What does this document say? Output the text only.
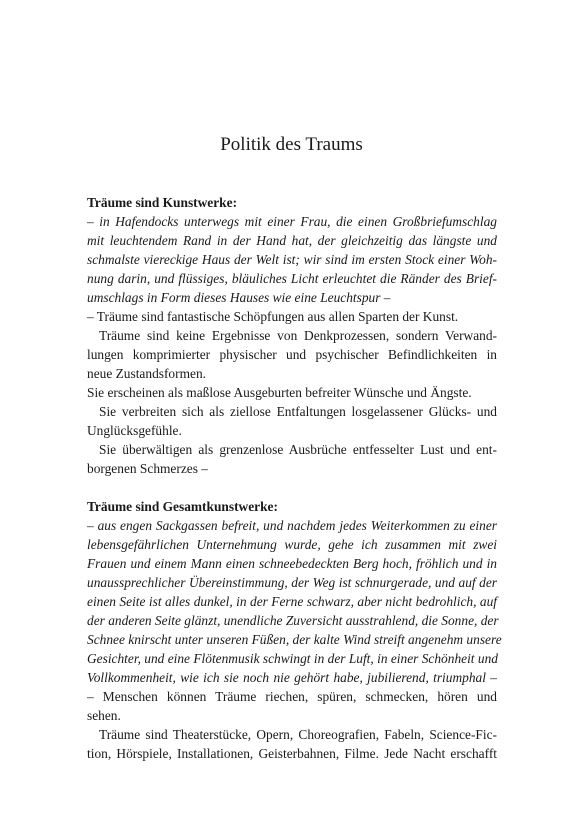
Politik des Traums
Träume sind Kunstwerke:
– in Hafendocks unterwegs mit einer Frau, die einen Großbriefumschlag
mit leuchtendem Rand in der Hand hat, der gleichzeitig das längste und
schmalste viereckige Haus der Welt ist; wir sind im ersten Stock einer Woh-
nung darin, und flüssiges, bläuliches Licht erleuchtet die Ränder des Brief-
umschlags in Form dieses Hauses wie eine Leuchtspur –
– Träume sind fantastische Schöpfungen aus allen Sparten der Kunst.
Träume sind keine Ergebnisse von Denkprozessen, sondern Verwand-
lungen komprimierter physischer und psychischer Befindlichkeiten in
neue Zustandsformen.
Sie erscheinen als maßlose Ausgeburten befreiter Wünsche und Ängste.
Sie verbreiten sich als ziellose Entfaltungen losgelassener Glücks- und
Unglücksgefühle.
Sie überwältigen als grenzenlose Ausbrüche entfesselter Lust und ent-
borgenen Schmerzes –
Träume sind Gesamtkunstwerke:
– aus engen Sackgassen befreit, und nachdem jedes Weiterkommen zu einer
lebensgefährlichen Unternehmung wurde, gehe ich zusammen mit zwei
Frauen und einem Mann einen schneebedeckten Berg hoch, fröhlich und in
unaussprechlicher Übereinstimmung, der Weg ist schnurgerade, und auf der
einen Seite ist alles dunkel, in der Ferne schwarz, aber nicht bedrohlich, auf
der anderen Seite glänzt, unendliche Zuversicht ausstrahlend, die Sonne, der
Schnee knirscht unter unseren Füßen, der kalte Wind streift angenehm unsere
Gesichter, und eine Flötenmusik schwingt in der Luft, in einer Schönheit und
Vollkommenheit, wie ich sie noch nie gehört habe, jubilierend, triumphal –
– Menschen können Träume riechen, spüren, schmecken, hören und
sehen.
Träume sind Theaterstücke, Opern, Choreografien, Fabeln, Science-Fic-
tion, Hörspiele, Installationen, Geisterbahnen, Filme. Jede Nacht erschafft
